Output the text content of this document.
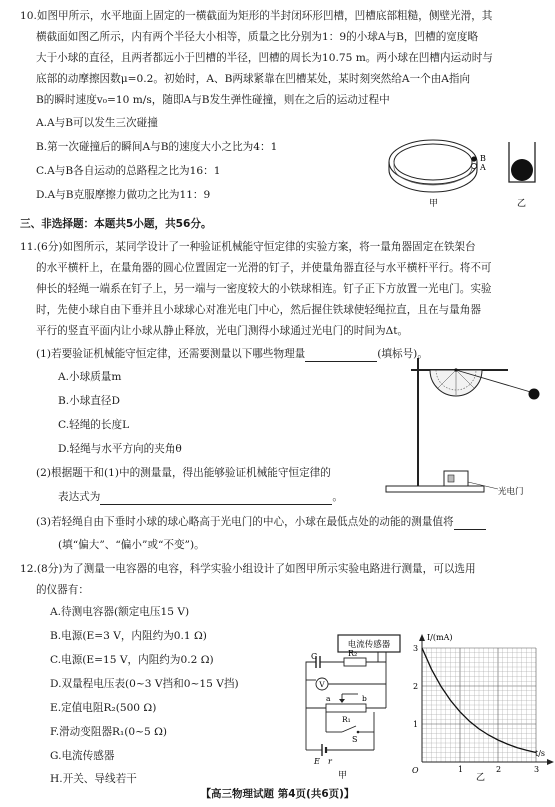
10.如图甲所示，水平地面上固定的一横截面为矩形的半封闭环形凹槽，凹槽底部粗糙，侧壁光滑，其
横截面如图乙所示，内有两个半径大小相等，质量之比分别为1：9的小球A与B，凹槽的宽度略
大于小球的直径，且两者都远小于凹槽的半径，凹槽的周长为10.75 m。两小球在凹槽内运动时与
底部的动摩擦因数μ=0.2。初始时，A、B两球紧靠在凹槽某处，某时刻突然给A一个由A指向
B的瞬时速度v₀=10 m/s，随即A与B发生弹性碰撞，则在之后的运动过程中
A.A与B可以发生三次碰撞
B.第一次碰撞后的瞬间A与B的速度大小之比为4：1
C.A与B各自运动的总路程之比为16：1
D.A与B克服摩擦力做功之比为11：9
B
A
甲	乙
三、非选择题：本题共5小题，共56分。
11.(6分)如图所示，某同学设计了一种验证机械能守恒定律的实验方案，将一量角器固定在铁架台
的水平横杆上，在量角器的圆心位置固定一光滑的钉子，并使量角器直径与水平横杆平行。将不可
伸长的轻绳一端系在钉子上，另一端与一密度较大的小铁球相连。钉子正下方放置一光电门。实验
时，先使小球自由下垂并且小球球心对准光电门中心，然后握住铁球使轻绳拉直，且在与量角器
平行的竖直平面内让小球从静止释放，光电门测得小球通过光电门的时间为Δt。
(1)若要验证机械能守恒定律，还需要测量以下哪些物理量	(填标号)。
A.小球质量m
B.小球直径D
C.轻绳的长度L
D.轻绳与水平方向的夹角θ
(2)根据题干和(1)中的测量量，得出能够验证机械能守恒定律的
表达式为	。
(3)若轻绳自由下垂时小球的球心略高于光电门的中心，小球在最低点处的动能的测量值将
(填“偏大”、“偏小”或“不变”)。
光电门
12.(8分)为了测量一电容器的电容，科学实验小组设计了如图甲所示实验电路进行测量，可以选用
的仪器有：
A.待测电容器(额定电压15 V)
B.电源(E=3 V，内阻约为0.1 Ω)
C.电源(E=15 V，内阻约为0.2 Ω)
D.双量程电压表(0~3 V挡和0~15 V挡)
E.定值电阻R₂(500 Ω)
F.滑动变阻器R₁(0~5 Ω)
G.电流传感器
H.开关、导线若干
电流传感器
C	R₂
V
a	b
R₁
S
E r
甲
1
2
3
1	2	3
I/(mA)
t/s
O
乙
【高三物理试题 第4页(共6页)】
